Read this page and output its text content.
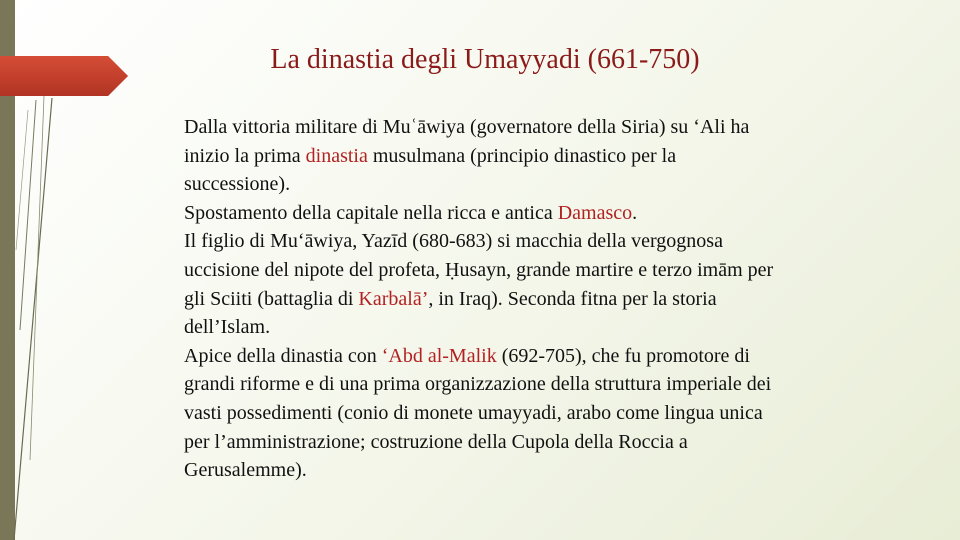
La dinastia degli Umayyadi (661-750)

Dalla vittoria militare di Muʿāwiya (governatore della Siria) su ‘Ali ha inizio la prima dinastia musulmana (principio dinastico per la successione).

Spostamento della capitale nella ricca e antica Damasco.

Il figlio di Mu‘āwiya, Yazīd (680-683) si macchia della vergognosa uccisione del nipote del profeta, Ḥusayn, grande martire e terzo imām per gli Sciiti (battaglia di Karbalā’, in Iraq). Seconda fitna per la storia dell’Islam.

Apice della dinastia con ‘Abd al-Malik (692-705), che fu promotore di grandi riforme e di una prima organizzazione della struttura imperiale dei vasti possedimenti (conio di monete umayyadi, arabo come lingua unica per l’amministrazione; costruzione della Cupola della Roccia a Gerusalemme).
